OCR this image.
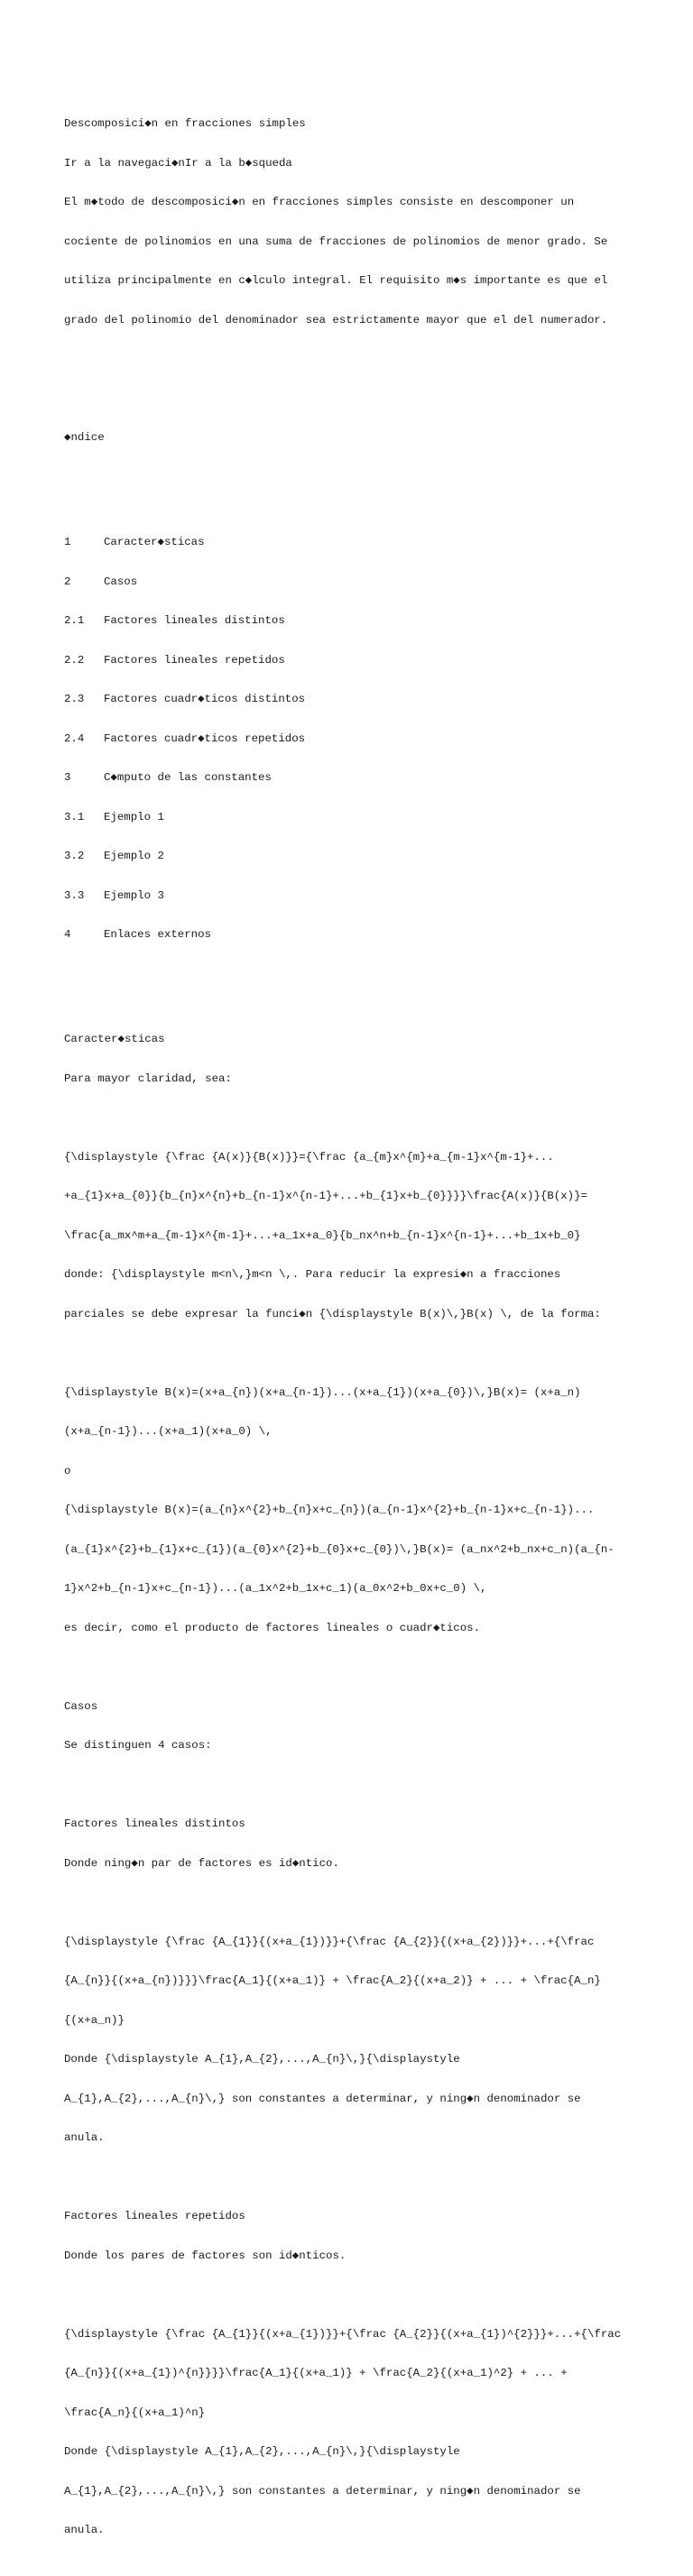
Descomposici◆n en fracciones simples

Ir a la navegaci◆nIr a la b◆squeda

El m◆todo de descomposici◆n en fracciones simples consiste en descomponer un

cociente de polinomios en una suma de fracciones de polinomios de menor grado. Se

utiliza principalmente en c◆lculo integral. El requisito m◆s importante es que el

grado del polinomio del denominador sea estrictamente mayor que el del numerador.

◆ndice

1	Caracter◆sticas

2	Casos

2.1	Factores lineales distintos

2.2	Factores lineales repetidos

2.3	Factores cuadr◆ticos distintos

2.4	Factores cuadr◆ticos repetidos

3	C◆mputo de las constantes

3.1	Ejemplo 1

3.2	Ejemplo 2

3.3	Ejemplo 3

4	Enlaces externos

Caracter◆sticas

Para mayor claridad, sea:

{\displaystyle {\frac {A(x)}{B(x)}}={\frac {a_{m}x^{m}+a_{m-1}x^{m-1}+...

+a_{1}x+a_{0}}{b_{n}x^{n}+b_{n-1}x^{n-1}+...+b_{1}x+b_{0}}}}\frac{A(x)}{B(x)}=

\frac{a_mx^m+a_{m-1}x^{m-1}+...+a_1x+a_0}{b_nx^n+b_{n-1}x^{n-1}+...+b_1x+b_0}

donde: {\displaystyle m<n\,}m<n \,. Para reducir la expresi◆n a fracciones

parciales se debe expresar la funci◆n {\displaystyle B(x)\,}B(x) \, de la forma:

{\displaystyle B(x)=(x+a_{n})(x+a_{n-1})...(x+a_{1})(x+a_{0})\,}B(x)= (x+a_n)

(x+a_{n-1})...(x+a_1)(x+a_0) \,

o

{\displaystyle B(x)=(a_{n}x^{2}+b_{n}x+c_{n})(a_{n-1}x^{2}+b_{n-1}x+c_{n-1})...

(a_{1}x^{2}+b_{1}x+c_{1})(a_{0}x^{2}+b_{0}x+c_{0})\,}B(x)= (a_nx^2+b_nx+c_n)(a_{n-

1}x^2+b_{n-1}x+c_{n-1})...(a_1x^2+b_1x+c_1)(a_0x^2+b_0x+c_0) \,

es decir, como el producto de factores lineales o cuadr◆ticos.

Casos

Se distinguen 4 casos:

Factores lineales distintos

Donde ning◆n par de factores es id◆ntico.

{\displaystyle {\frac {A_{1}}{(x+a_{1})}}+{\frac {A_{2}}{(x+a_{2})}}+...+{\frac

{A_{n}}{(x+a_{n})}}}\frac{A_1}{(x+a_1)} + \frac{A_2}{(x+a_2)} + ... + \frac{A_n}

{(x+a_n)}

Donde {\displaystyle A_{1},A_{2},...,A_{n}\,}{\displaystyle

A_{1},A_{2},...,A_{n}\,} son constantes a determinar, y ning◆n denominador se

anula.

Factores lineales repetidos

Donde los pares de factores son id◆nticos.

{\displaystyle {\frac {A_{1}}{(x+a_{1})}}+{\frac {A_{2}}{(x+a_{1})^{2}}}+...+{\frac

{A_{n}}{(x+a_{1})^{n}}}}\frac{A_1}{(x+a_1)} + \frac{A_2}{(x+a_1)^2} + ... +

\frac{A_n}{(x+a_1)^n}

Donde {\displaystyle A_{1},A_{2},...,A_{n}\,}{\displaystyle

A_{1},A_{2},...,A_{n}\,} son constantes a determinar, y ning◆n denominador se

anula.
